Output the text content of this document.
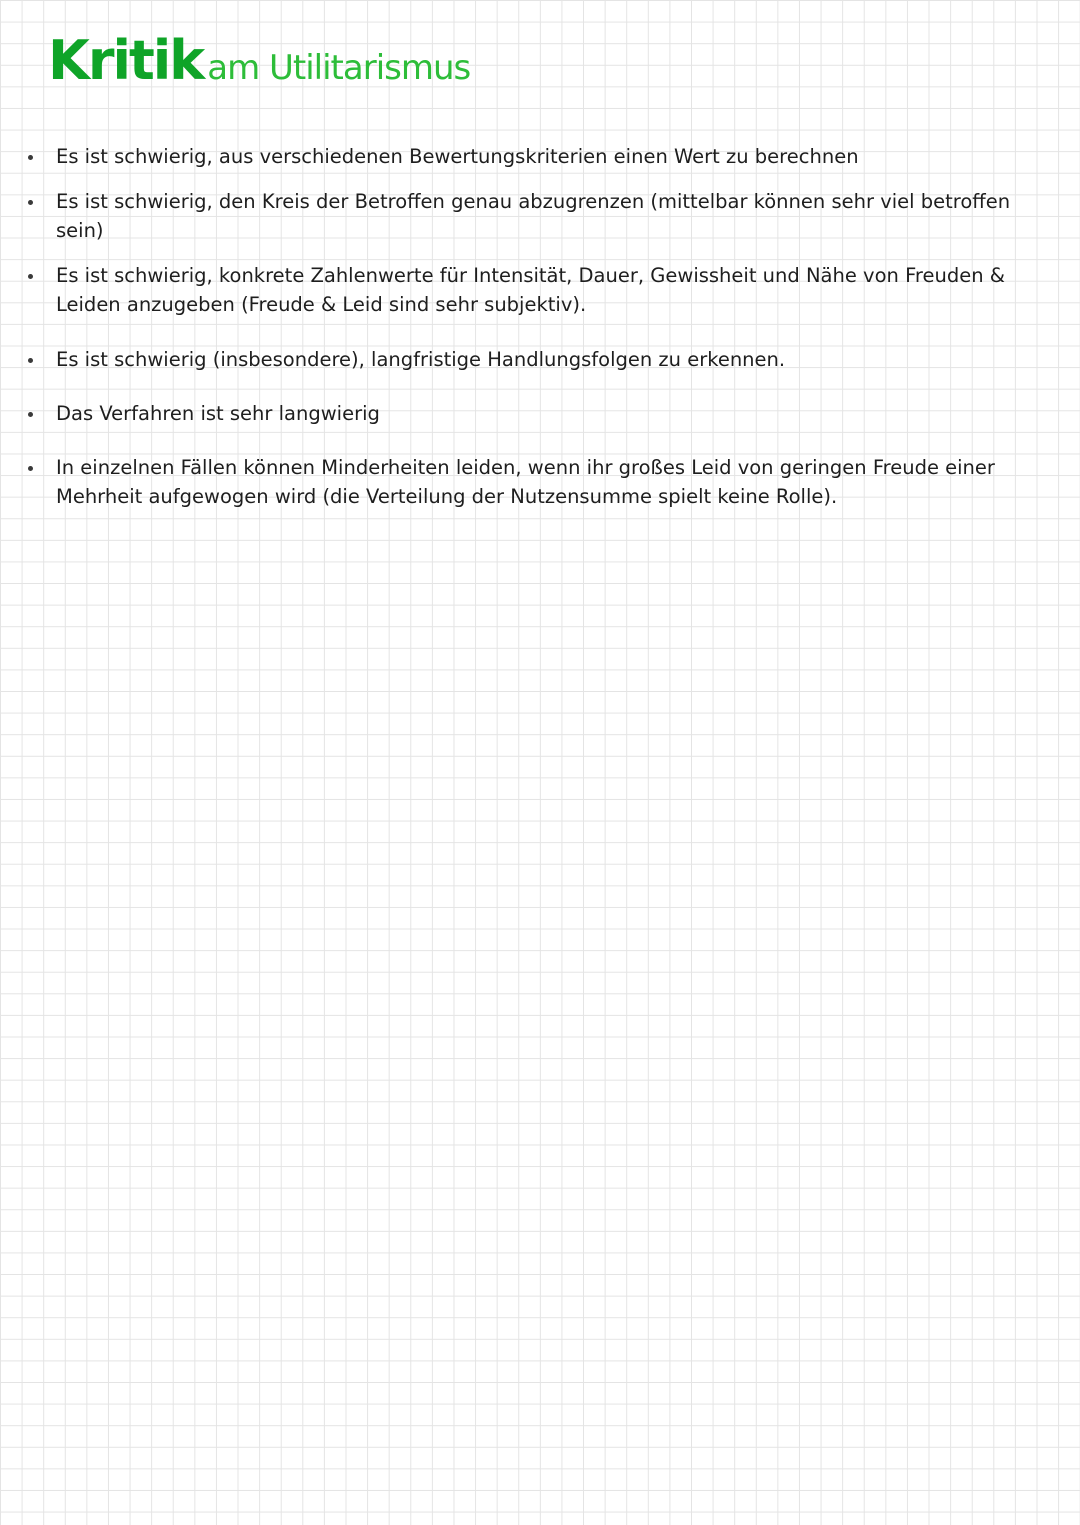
Kritik am Utilitarismus
Es ist schwierig, aus verschiedenen Bewertungskriterien einen Wert zu berechnen
Es ist schwierig, den Kreis der Betroffen genau abzugrenzen (mittelbar können sehr viel betroffen sein)
Es ist schwierig, konkrete Zahlenwerte für Intensität, Dauer, Gewissheit und Nähe von Freuden & Leiden anzugeben (Freude & Leid sind sehr subjektiv).
Es ist schwierig (insbesondere), langfristige Handlungsfolgen zu erkennen.
Das Verfahren ist sehr langwierig
In einzelnen Fällen können Minderheiten leiden, wenn ihr großes Leid von geringen Freude einer Mehrheit aufgewogen wird (die Verteilung der Nutzensumme spielt keine Rolle).
